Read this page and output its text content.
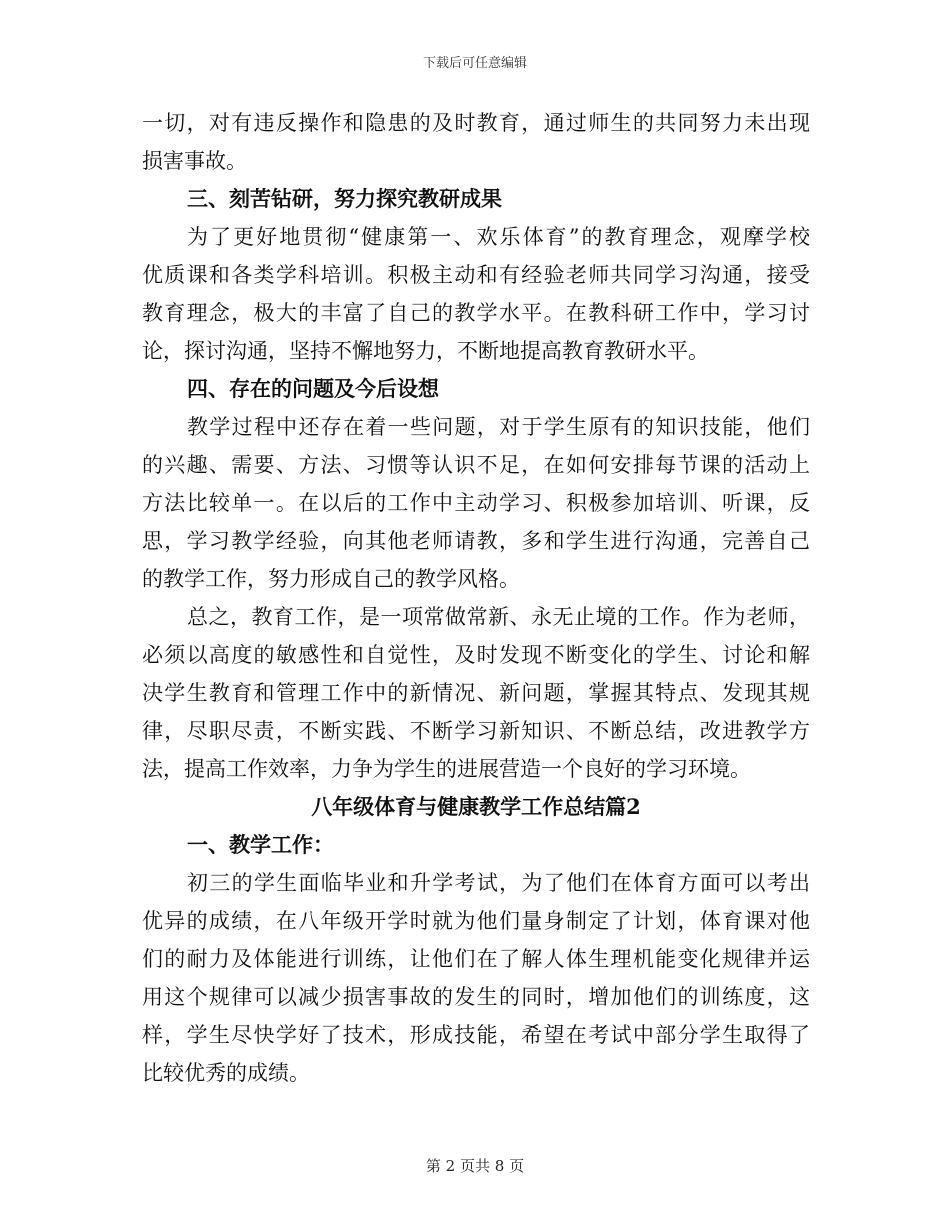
下载后可任意编辑
一切，对有违反操作和隐患的及时教育，通过师生的共同努力未出现
损害事故。
三、刻苦钻研，努力探究教研成果
为了更好地贯彻“健康第一、欢乐体育”的教育理念，观摩学校
优质课和各类学科培训。积极主动和有经验老师共同学习沟通，接受
教育理念，极大的丰富了自己的教学水平。在教科研工作中，学习讨
论，探讨沟通，坚持不懈地努力，不断地提高教育教研水平。
四、存在的问题及今后设想
教学过程中还存在着一些问题，对于学生原有的知识技能，他们
的兴趣、需要、方法、习惯等认识不足，在如何安排每节课的活动上
方法比较单一。在以后的工作中主动学习、积极参加培训、听课，反
思，学习教学经验，向其他老师请教，多和学生进行沟通，完善自己
的教学工作，努力形成自己的教学风格。
总之，教育工作，是一项常做常新、永无止境的工作。作为老师，
必须以高度的敏感性和自觉性，及时发现不断变化的学生、讨论和解
决学生教育和管理工作中的新情况、新问题，掌握其特点、发现其规
律，尽职尽责，不断实践、不断学习新知识、不断总结，改进教学方
法，提高工作效率，力争为学生的进展营造一个良好的学习环境。
八年级体育与健康教学工作总结篇2
一、教学工作：
初三的学生面临毕业和升学考试，为了他们在体育方面可以考出
优异的成绩，在八年级开学时就为他们量身制定了计划，体育课对他
们的耐力及体能进行训练，让他们在了解人体生理机能变化规律并运
用这个规律可以减少损害事故的发生的同时，增加他们的训练度，这
样，学生尽快学好了技术，形成技能，希望在考试中部分学生取得了
比较优秀的成绩。
第 2 页共 8 页
